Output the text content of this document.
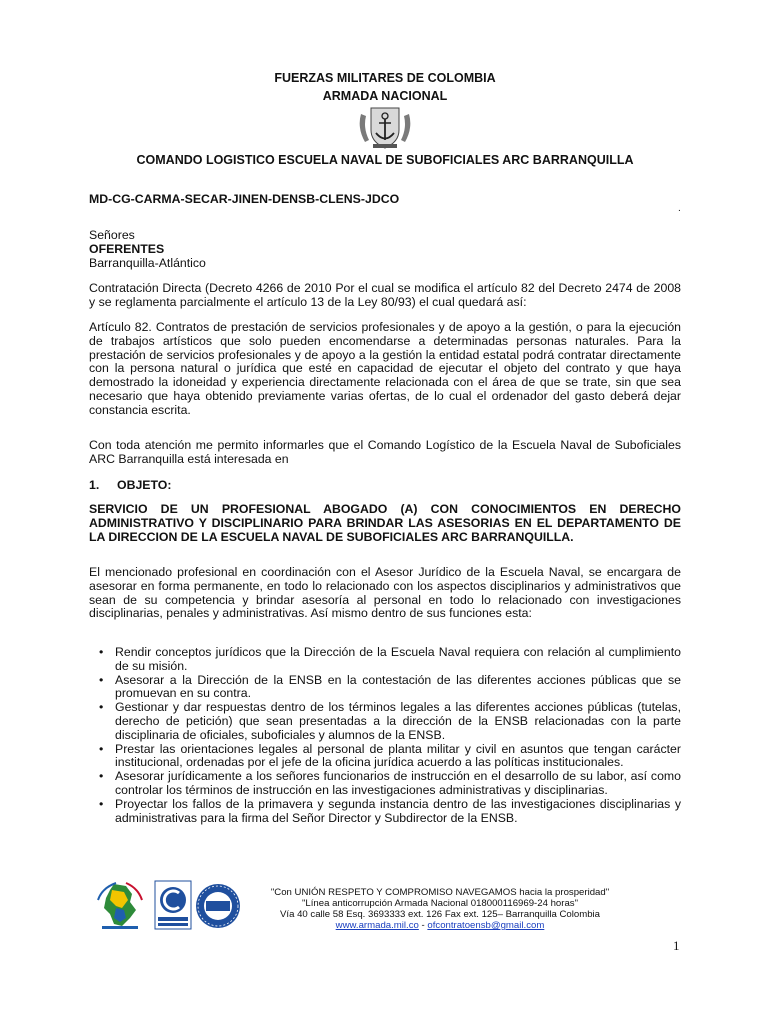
FUERZAS MILITARES DE COLOMBIA
ARMADA NACIONAL
COMANDO LOGISTICO ESCUELA NAVAL DE SUBOFICIALES ARC BARRANQUILLA
MD-CG-CARMA-SECAR-JINEN-DENSB-CLENS-JDCO
.
Señores
OFERENTES
Barranquilla-Atlántico
Contratación Directa (Decreto 4266 de 2010 Por el cual se modifica el artículo 82 del Decreto 2474 de 2008 y se reglamenta parcialmente el artículo 13 de la Ley 80/93) el cual quedará así:
Artículo 82. Contratos de prestación de servicios profesionales y de apoyo a la gestión, o para la ejecución de trabajos artísticos que solo pueden encomendarse a determinadas personas naturales. Para la prestación de servicios profesionales y de apoyo a la gestión la entidad estatal podrá contratar directamente con la persona natural o jurídica que esté en capacidad de ejecutar el objeto del contrato y que haya demostrado la idoneidad y experiencia directamente relacionada con el área de que se trate, sin que sea necesario que haya obtenido previamente varias ofertas, de lo cual el ordenador del gasto deberá dejar constancia escrita.
Con toda atención me permito informarles que el Comando Logístico de la Escuela Naval de Suboficiales ARC Barranquilla está interesada en
1. OBJETO:
SERVICIO DE UN PROFESIONAL ABOGADO (A) CON CONOCIMIENTOS EN DERECHO ADMINISTRATIVO Y DISCIPLINARIO PARA BRINDAR LAS ASESORIAS EN EL DEPARTAMENTO DE LA DIRECCION DE LA ESCUELA NAVAL DE SUBOFICIALES ARC BARRANQUILLA.
El mencionado profesional en coordinación con el Asesor Jurídico de la Escuela Naval, se encargara de asesorar en forma permanente, en todo lo relacionado con los aspectos disciplinarios y administrativos que sean de su competencia y brindar asesoría al personal en todo lo relacionado con investigaciones disciplinarias, penales y administrativas. Así mismo dentro de sus funciones esta:
• Rendir conceptos jurídicos que la Dirección de la Escuela Naval requiera con relación al cumplimiento de su misión.
• Asesorar a la Dirección de la ENSB en la contestación de las diferentes acciones públicas que se promuevan en su contra.
• Gestionar y dar respuestas dentro de los términos legales a las diferentes acciones públicas (tutelas, derecho de petición) que sean presentadas a la dirección de la ENSB relacionadas con la parte disciplinaria de oficiales, suboficiales y alumnos de la ENSB.
• Prestar las orientaciones legales al personal de planta militar y civil en asuntos que tengan carácter institucional, ordenadas por el jefe de la oficina jurídica acuerdo a las políticas institucionales.
• Asesorar jurídicamente a los señores funcionarios de instrucción en el desarrollo de su labor, así como controlar los términos de instrucción en las investigaciones administrativas y disciplinarias.
• Proyectar los fallos de la primavera y segunda instancia dentro de las investigaciones disciplinarias y administrativas para la firma del Señor Director y Subdirector de la ENSB.
"Con UNIÓN RESPETO Y COMPROMISO NAVEGAMOS hacia la prosperidad"
"Línea anticorrupción Armada Nacional 018000116969-24 horas"
Vía 40 calle 58 Esq. 3693333 ext. 126 Fax ext. 125– Barranquilla Colombia
www.armada.mil.co - ofcontratoensb@gmail.com
1
